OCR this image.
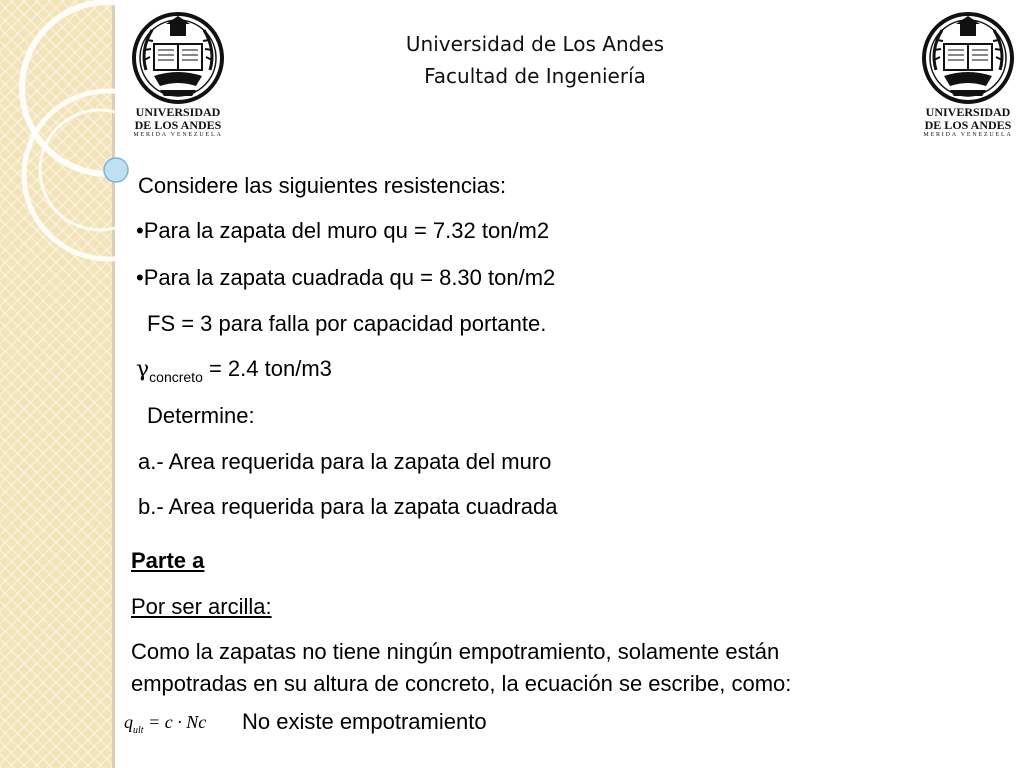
UNIVERSIDAD
DE LOS ANDES
MERIDA VENEZUELA
UNIVERSIDAD
DE LOS ANDES
MERIDA VENEZUELA
Universidad de Los Andes
Facultad de Ingeniería
Considere las siguientes resistencias:
•Para la zapata del muro qu = 7.32 ton/m2
•Para la zapata cuadrada qu = 8.30 ton/m2
FS = 3 para falla por capacidad portante.
$\gamma_{concreto} = 2.4$ ton/m3
Determine:
a.- Area requerida para la zapata del muro
b.- Area requerida para la zapata cuadrada
Parte a
Por ser arcilla:
Como la zapatas no tiene ningún empotramiento, solamente están
empotradas en su altura de concreto, la ecuación se escribe, como:
$q_{ult} = c \cdot Nc$ No existe empotramiento
